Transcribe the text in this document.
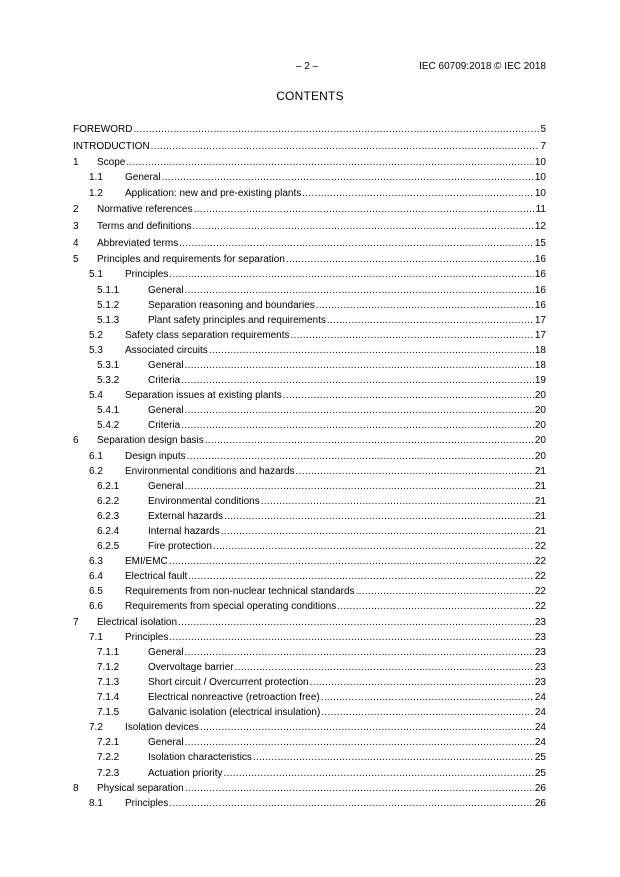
– 2 –	IEC 60709:2018 © IEC 2018
CONTENTS
FOREWORD .....	5
INTRODUCTION .....	7
1	Scope .....	10
1.1	General .....	10
1.2	Application: new and pre-existing plants .....	10
2	Normative references .....	11
3	Terms and definitions .....	12
4	Abbreviated terms .....	15
5	Principles and requirements for separation .....	16
5.1	Principles .....	16
5.1.1	General .....	16
5.1.2	Separation reasoning and boundaries .....	16
5.1.3	Plant safety principles and requirements .....	17
5.2	Safety class separation requirements .....	17
5.3	Associated circuits .....	18
5.3.1	General .....	18
5.3.2	Criteria .....	19
5.4	Separation issues at existing plants .....	20
5.4.1	General .....	20
5.4.2	Criteria .....	20
6	Separation design basis .....	20
6.1	Design inputs .....	20
6.2	Environmental conditions and hazards .....	21
6.2.1	General .....	21
6.2.2	Environmental conditions .....	21
6.2.3	External hazards .....	21
6.2.4	Internal hazards .....	21
6.2.5	Fire protection .....	22
6.3	EMI/EMC .....	22
6.4	Electrical fault .....	22
6.5	Requirements from non-nuclear technical standards .....	22
6.6	Requirements from special operating conditions .....	22
7	Electrical isolation .....	23
7.1	Principles .....	23
7.1.1	General .....	23
7.1.2	Overvoltage barrier .....	23
7.1.3	Short circuit / Overcurrent protection .....	23
7.1.4	Electrical nonreactive (retroaction free) .....	24
7.1.5	Galvanic isolation (electrical insulation) .....	24
7.2	Isolation devices .....	24
7.2.1	General .....	24
7.2.2	Isolation characteristics .....	25
7.2.3	Actuation priority .....	25
8	Physical separation .....	26
8.1	Principles .....	26
